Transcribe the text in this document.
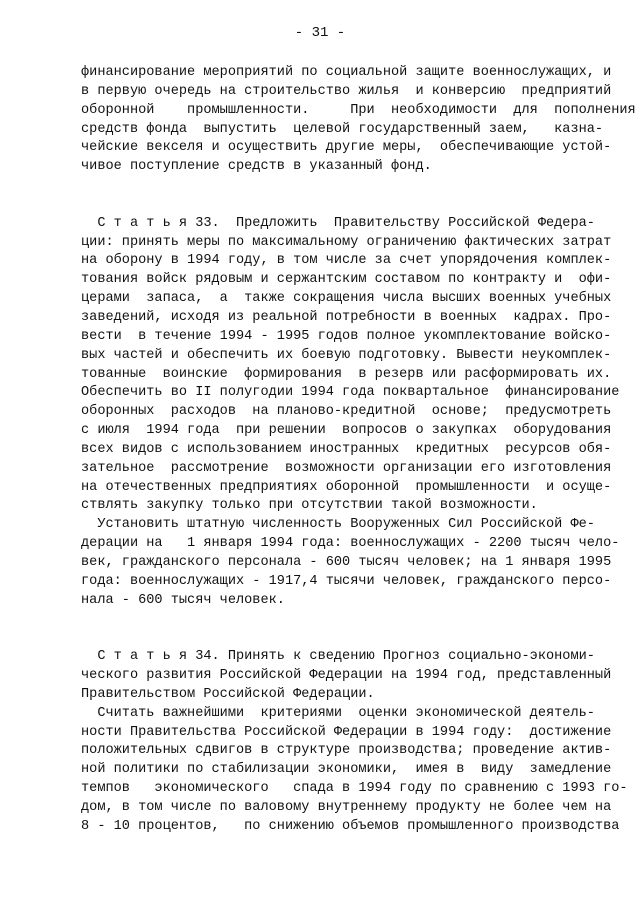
- 31 -
финансирование мероприятий по социальной защите военнослужащих, и
в первую очередь на строительство жилья  и конверсию  предприятий
оборонной    промышленности.     При  необходимости  для  пополнения
средств фонда  выпустить  целевой государственный заем,   казна-
чейские векселя и осуществить другие меры,  обеспечивающие устой-
чивое поступление средств в указанный фонд.
С т а т ь я 33.  Предложить  Правительству Российской Федера-
ции: принять меры по максимальному ограничению фактических затрат
на оборону в 1994 году, в том числе за счет упорядочения комплек-
тования войск рядовым и сержантским составом по контракту и  офи-
церами  запаса,  а  также сокращения числа высших военных учебных
заведений, исходя из реальной потребности в военных  кадрах. Про-
вести  в течение 1994 - 1995 годов полное укомплектование войско-
вых частей и обеспечить их боевую подготовку. Вывести неукомплек-
тованные  воинские  формирования  в резерв или расформировать их.
Обеспечить во II полугодии 1994 года поквартальное  финансирование
оборонных  расходов  на планово-кредитной  основе;  предусмотреть
с июля  1994 года  при решении  вопросов о закупках  оборудования
всех видов с использованием иностранных  кредитных  ресурсов обя-
зательное  рассмотрение  возможности организации его изготовления
на отечественных предприятиях оборонной  промышленности  и осуще-
ствлять закупку только при отсутствии такой возможности.
Установить штатную численность Вооруженных Сил Российской Фе-
дерации на   1 января 1994 года: военнослужащих - 2200 тысяч чело-
век, гражданского персонала - 600 тысяч человек; на 1 января 1995
года: военнослужащих - 1917,4 тысячи человек, гражданского персо-
нала - 600 тысяч человек.
С т а т ь я 34. Принять к сведению Прогноз социально-экономи-
ческого развития Российской Федерации на 1994 год, представленный
Правительством Российской Федерации.
Считать важнейшими  критериями  оценки экономической деятель-
ности Правительства Российской Федерации в 1994 году:  достижение
положительных сдвигов в структуре производства; проведение актив-
ной политики по стабилизации экономики,  имея в  виду  замедление
темпов   экономического   спада в 1994 году по сравнению с 1993 го-
дом, в том числе по валовому внутреннему продукту не более чем на
8 - 10 процентов,   по снижению объемов промышленного производства
